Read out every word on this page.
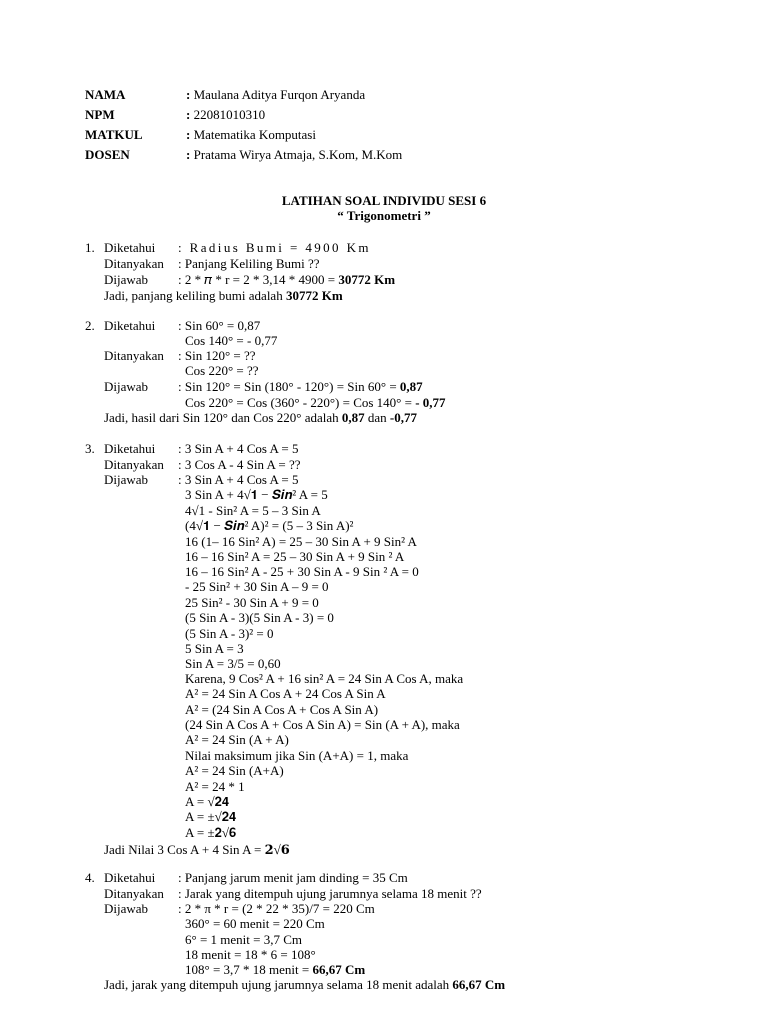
NAMA	: Maulana Aditya Furqon Aryanda
NPM	: 22081010310
MATKUL	: Matematika Komputasi
DOSEN	: Pratama Wirya Atmaja, S.Kom, M.Kom
LATIHAN SOAL INDIVIDU SESI 6
“ Trigonometri ”
1. Diketahui : Radius Bumi = 4900 Km
Ditanyakan : Panjang Keliling Bumi ??
Dijawab : 2 * 𝜋 * r = 2 * 3,14 * 4900 = 30772 Km
Jadi, panjang keliling bumi adalah 30772 Km
2. Diketahui : Sin 60° = 0,87
Cos 140° = - 0,77
Ditanyakan : Sin 120° = ??
Cos 220° = ??
Dijawab : Sin 120° = Sin (180° - 120°) = Sin 60° = 0,87
Cos 220° = Cos (360° - 220°) = Cos 140° = - 0,77
Jadi, hasil dari Sin 120° dan Cos 220° adalah 0,87 dan -0,77
3. Diketahui : 3 Sin A + 4 Cos A = 5
Ditanyakan : 3 Cos A - 4 Sin A = ??
Dijawab : 3 Sin A + 4 Cos A = 5
3 Sin A + 4√𝟏 − 𝑺𝒊𝒏² A = 5
4√1 - Sin² A = 5 – 3 Sin A
(4√𝟏 − 𝑺𝒊𝒏² A)² = (5 – 3 Sin A)²
16 (1– 16 Sin² A) = 25 – 30 Sin A + 9 Sin² A
16 – 16 Sin² A = 25 – 30 Sin A + 9 Sin ² A
16 – 16 Sin² A - 25 + 30 Sin A - 9 Sin ² A = 0
- 25 Sin² + 30 Sin A – 9 = 0
25 Sin² - 30 Sin A + 9 = 0
(5 Sin A - 3)(5 Sin A - 3) = 0
(5 Sin A - 3)² = 0
5 Sin A = 3
Sin A = 3/5 = 0,60
Karena, 9 Cos² A + 16 sin² A = 24 Sin A Cos A, maka
A² = 24 Sin A Cos A + 24 Cos A Sin A
A² = (24 Sin A Cos A + Cos A Sin A)
(24 Sin A Cos A + Cos A Sin A) = Sin (A + A), maka
A² = 24 Sin (A + A)
Nilai maksimum jika Sin (A+A) = 1, maka
A² = 24 Sin (A+A)
A² = 24 * 1
A = √𝟐𝟒
A = ±√𝟐𝟒
A = ±𝟐√𝟔
Jadi Nilai 3 Cos A + 4 Sin A = 𝟐√𝟔
4. Diketahui : Panjang jarum menit jam dinding = 35 Cm
Ditanyakan : Jarak yang ditempuh ujung jarumnya selama 18 menit ??
Dijawab : 2 * π * r = (2 * 22 * 35)/7 = 220 Cm
360° = 60 menit = 220 Cm
6° = 1 menit = 3,7 Cm
18 menit = 18 * 6 = 108°
108° = 3,7 * 18 menit = 66,67 Cm
Jadi, jarak yang ditempuh ujung jarumnya selama 18 menit adalah 66,67 Cm
